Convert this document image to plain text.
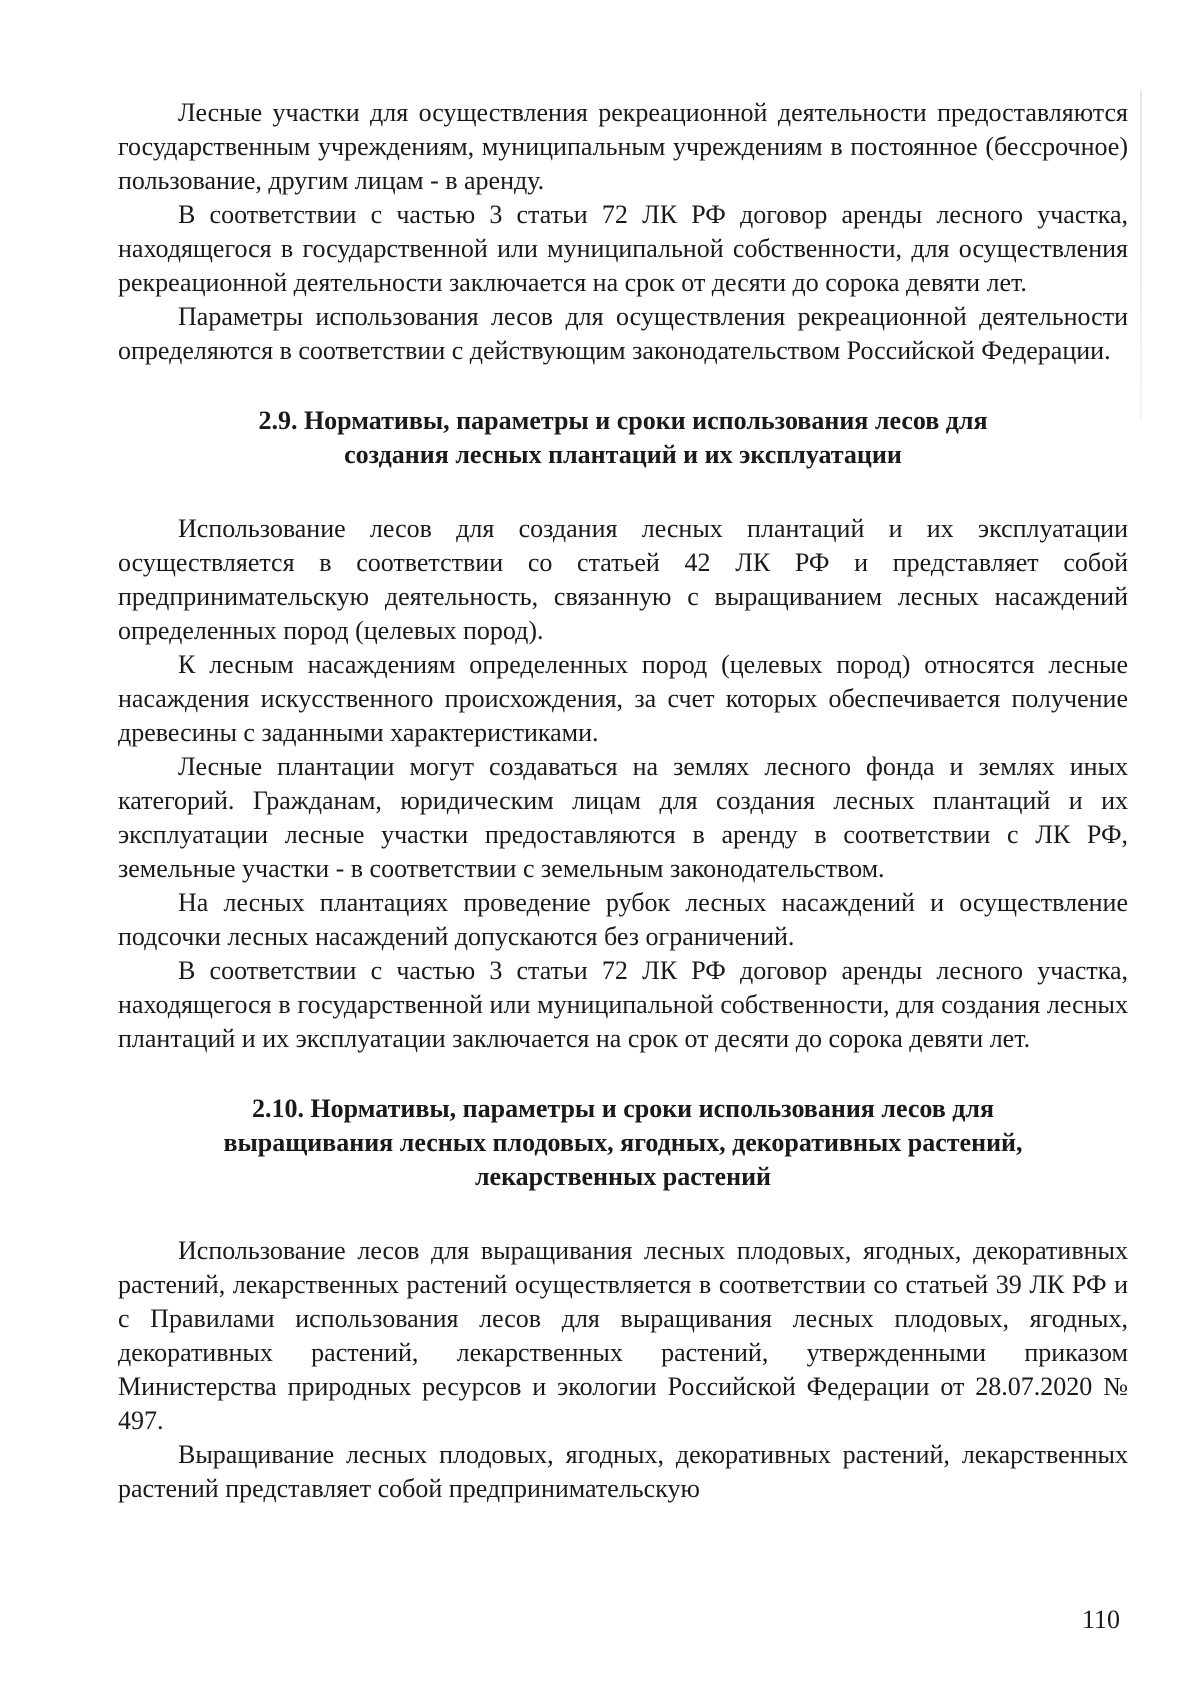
Лесные участки для осуществления рекреационной деятельности предоставляются государственным учреждениям, муниципальным учреждениям в постоянное (бессрочное) пользование, другим лицам - в аренду.

В соответствии с частью 3 статьи 72 ЛК РФ договор аренды лесного участка, находящегося в государственной или муниципальной собственности, для осуществления рекреационной деятельности заключается на срок от десяти до сорока девяти лет.

Параметры использования лесов для осуществления рекреационной деятельности определяются в соответствии с действующим законодательством Российской Федерации.

2.9. Нормативы, параметры и сроки использования лесов для
создания лесных плантаций и их эксплуатации

Использование лесов для создания лесных плантаций и их эксплуатации осуществляется в соответствии со статьей 42 ЛК РФ и представляет собой предпринимательскую деятельность, связанную с выращиванием лесных насаждений определенных пород (целевых пород).

К лесным насаждениям определенных пород (целевых пород) относятся лесные насаждения искусственного происхождения, за счет которых обеспечивается получение древесины с заданными характеристиками.

Лесные плантации могут создаваться на землях лесного фонда и землях иных категорий. Гражданам, юридическим лицам для создания лесных плантаций и их эксплуатации лесные участки предоставляются в аренду в соответствии с ЛК РФ, земельные участки - в соответствии с земельным законодательством.

На лесных плантациях проведение рубок лесных насаждений и осуществление подсочки лесных насаждений допускаются без ограничений.

В соответствии с частью 3 статьи 72 ЛК РФ договор аренды лесного участка, находящегося в государственной или муниципальной собственности, для создания лесных плантаций и их эксплуатации заключается на срок от десяти до сорока девяти лет.

2.10. Нормативы, параметры и сроки использования лесов для
выращивания лесных плодовых, ягодных, декоративных растений,
лекарственных растений

Использование лесов для выращивания лесных плодовых, ягодных, декоративных растений, лекарственных растений осуществляется в соответствии со статьей 39 ЛК РФ и с Правилами использования лесов для выращивания лесных плодовых, ягодных, декоративных растений, лекарственных растений, утвержденными приказом Министерства природных ресурсов и экологии Российской Федерации от 28.07.2020 № 497.

Выращивание лесных плодовых, ягодных, декоративных растений, лекарственных растений представляет собой предпринимательскую

110
